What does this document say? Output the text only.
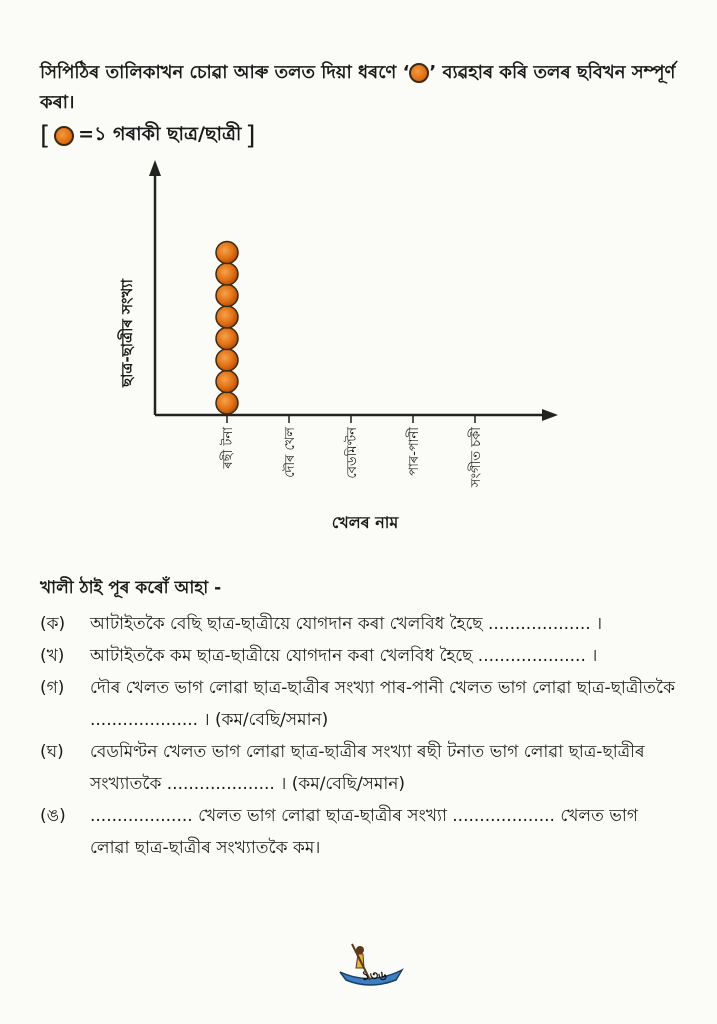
সিপিঠিৰ তালিকাখন চোৱা আৰু তলত দিয়া ধৰণে ‘ ’ ব্যৱহাৰ কৰি তলৰ ছবিখন সম্পূৰ্ণ কৰা।
[ =১ গৰাকী ছাত্ৰ/ছাত্ৰী ]
ছাত্ৰ-ছাত্ৰীৰ সংখ্যা
ৰছী টনা	দৌৰ খেল	বেডমিণ্টন	পাৰ-পানী	সংগীত চকী
খেলৰ নাম
খালী ঠাই পূৰ কৰোঁ আহা -
(ক)	আটাইতকৈ বেছি ছাত্ৰ-ছাত্ৰীয়ে যোগদান কৰা খেলবিধ হৈছে ................... ।
(খ)	আটাইতকৈ কম ছাত্ৰ-ছাত্ৰীয়ে যোগদান কৰা খেলবিধ হৈছে .................... ।
(গ)	দৌৰ খেলত ভাগ লোৱা ছাত্ৰ-ছাত্ৰীৰ সংখ্যা পাৰ-পানী খেলত ভাগ লোৱা ছাত্ৰ-ছাত্ৰীতকৈ .................... । (কম/বেছি/সমান)
(ঘ)	বেডমিণ্টন খেলত ভাগ লোৱা ছাত্ৰ-ছাত্ৰীৰ সংখ্যা ৰছী টনাত ভাগ লোৱা ছাত্ৰ-ছাত্ৰীৰ সংখ্যাতকৈ .................... । (কম/বেছি/সমান)
(ঙ)	................... খেলত ভাগ লোৱা ছাত্ৰ-ছাত্ৰীৰ সংখ্যা ................... খেলত ভাগ লোৱা ছাত্ৰ-ছাত্ৰীৰ সংখ্যাতকৈ কম।
১৩৬
